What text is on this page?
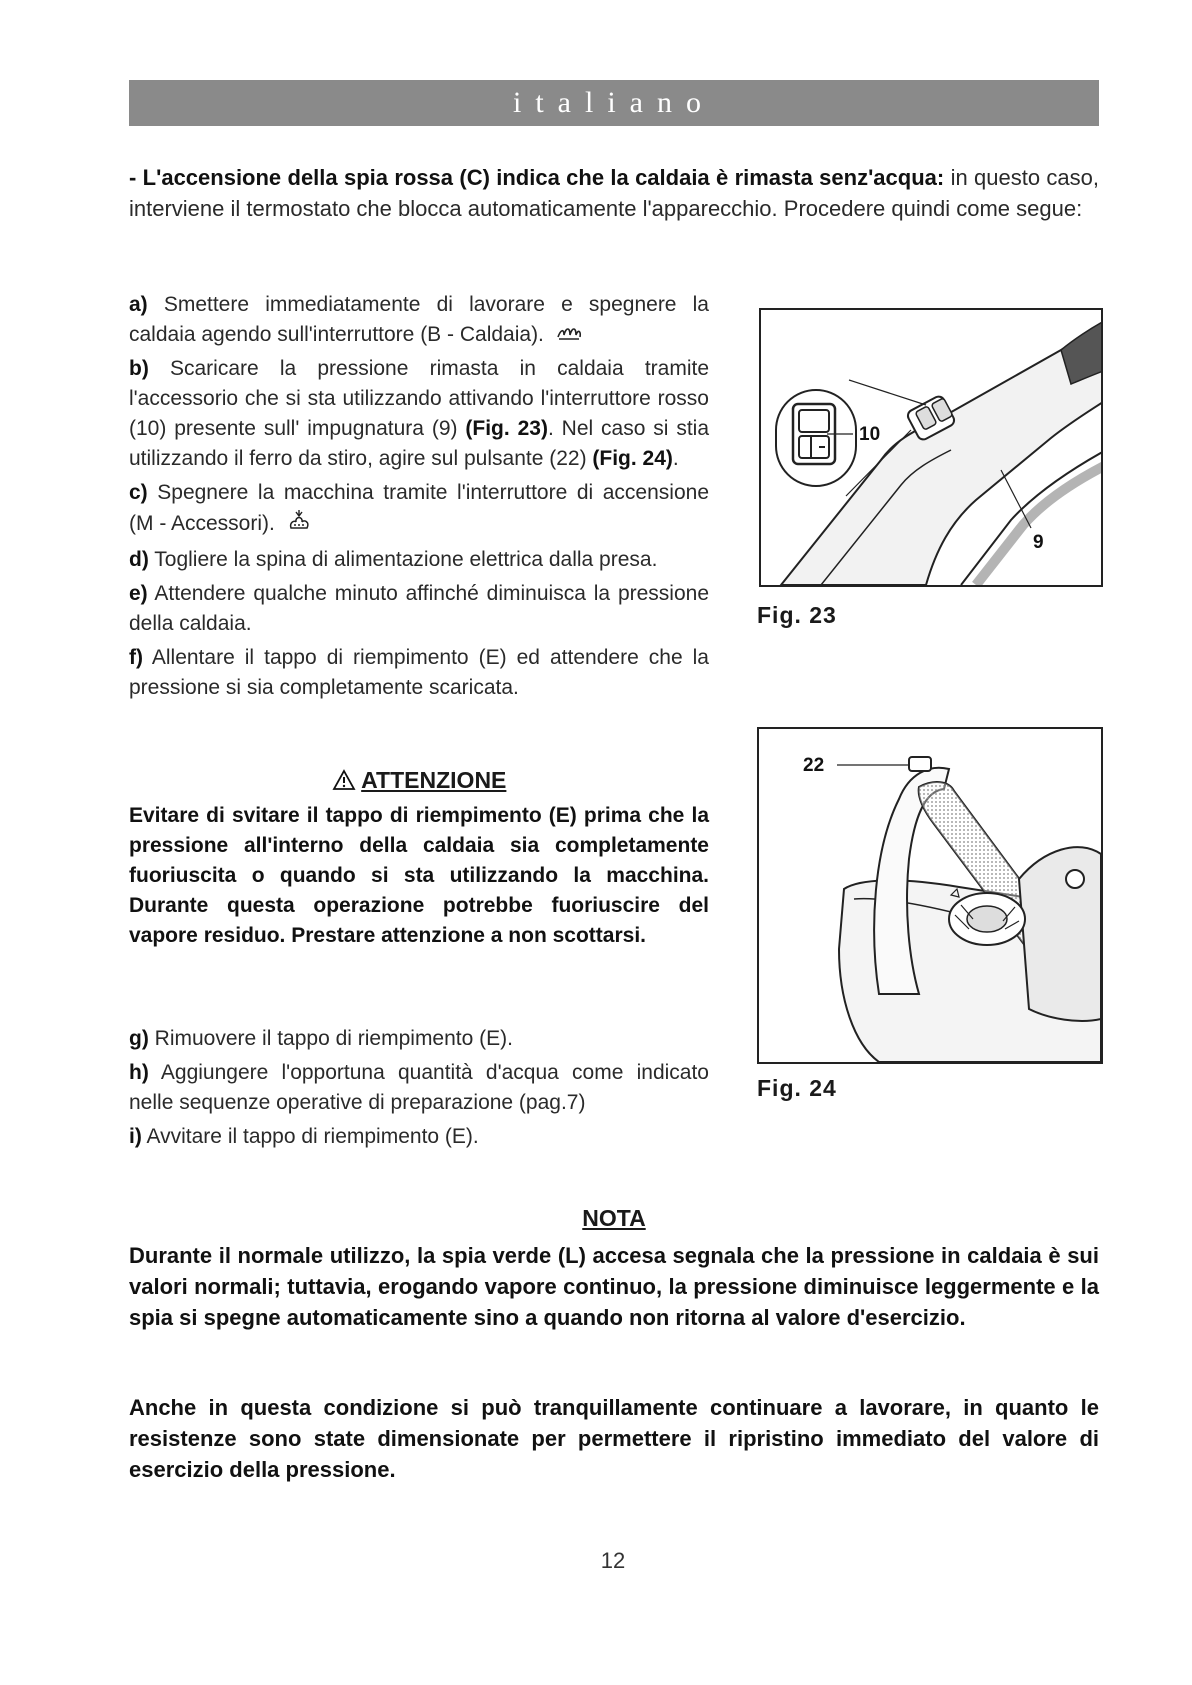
italiano
- L'accensione della spia rossa (C) indica che la caldaia è rimasta senz'acqua: in questo caso, interviene il termostato che blocca automaticamente l'apparecchio. Procedere quindi come segue:

a) Smettere immediatamente di lavorare e spegnere la caldaia agendo sull'interruttore (B - Caldaia).

b) Scaricare la pressione rimasta in caldaia tramite l'accessorio che si sta utilizzando attivando l'interruttore rosso (10) presente sull' impugnatura (9) (Fig. 23). Nel caso si stia utilizzando il ferro da stiro, agire sul pulsante (22) (Fig. 24).

c) Spegnere la macchina tramite l'interruttore di accensione (M - Accessori).

d) Togliere la spina di alimentazione elettrica dalla presa.

e) Attendere qualche minuto affinché diminuisca la pressione della caldaia.

f) Allentare il tappo di riempimento (E) ed attendere che la pressione si sia completamente scaricata.

ATTENZIONE
Evitare di svitare il tappo di riempimento (E) prima che la pressione all'interno della caldaia sia completamente fuoriuscita o quando si sta utilizzando la macchina. Durante questa operazione potrebbe fuoriuscire del vapore residuo. Prestare attenzione a non scottarsi.

g) Rimuovere il tappo di riempimento (E).

h) Aggiungere l'opportuna quantità d'acqua come indicato nelle sequenze operative di preparazione (pag.7)

i) Avvitare il tappo di riempimento (E).

10
9
Fig. 23
22
Fig. 24
NOTA
Durante il normale utilizzo, la spia verde (L) accesa segnala che la pressione in caldaia è sui valori normali; tuttavia, erogando vapore continuo, la pressione diminuisce leggermente e la spia si spegne automaticamente sino a quando non ritorna al valore d'esercizio.
Anche in questa condizione si può tranquillamente continuare a lavorare, in quanto le resistenze sono state dimensionate per permettere il ripristino immediato del valore di esercizio della pressione.
12
